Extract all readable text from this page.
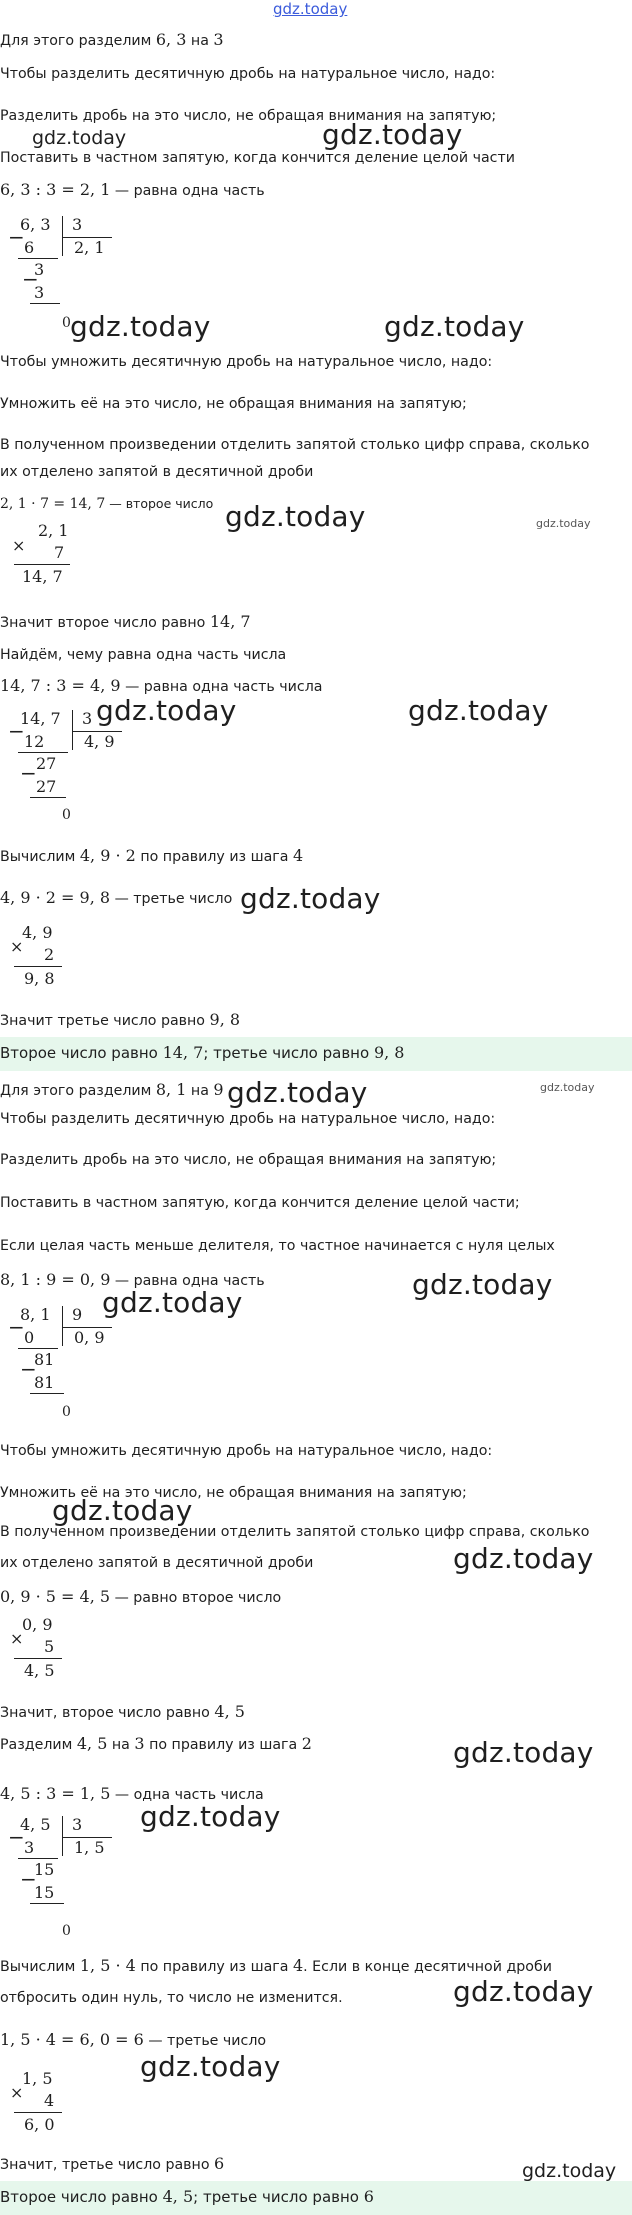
gdz.today
Для этого разделим 6, 3 на 3
Чтобы разделить десятичную дробь на натуральное число, надо:
Разделить дробь на это число, не обращая внимания на запятую;
Поставить в частном запятую, когда кончится деление целой части
6, 3 : 3 = 2, 1 — равна одна часть
−
6, 3 3
6 2, 1
−
3
3
0
Чтобы умножить десятичную дробь на натуральное число, надо:
Умножить её на это число, не обращая внимания на запятую;
В полученном произведении отделить запятой столько цифр справа, сколько
их отделено запятой в десятичной дроби
2, 1 · 7 = 14, 7 — второе число
×
2, 1
7
14, 7
Значит второе число равно 14, 7
Найдём, чему равна одна часть числа
14, 7 : 3 = 4, 9 — равна одна часть числа
−
14, 7 3
12 4, 9
− 27
27
0
Вычислим 4, 9 · 2 по правилу из шага 4
4, 9 · 2 = 9, 8 — третье число
×
4, 9
2
9, 8
Значит третье число равно 9, 8
Второе число равно 14, 7; третье число равно 9, 8
Для этого разделим 8, 1 на 9
Чтобы разделить десятичную дробь на натуральное число, надо:
Разделить дробь на это число, не обращая внимания на запятую;
Поставить в частном запятую, когда кончится деление целой части;
Если целая часть меньше делителя, то частное начинается с нуля целых
8, 1 : 9 = 0, 9 — равна одна часть
−
8, 1 9
0 0, 9
−
81
81
0
Чтобы умножить десятичную дробь на натуральное число, надо:
Умножить её на это число, не обращая внимания на запятую;
В полученном произведении отделить запятой столько цифр справа, сколько
их отделено запятой в десятичной дроби
0, 9 · 5 = 4, 5 — равно второе число
×
0, 9
5
4, 5
Значит, второе число равно 4, 5
Разделим 4, 5 на 3 по правилу из шага 2
4, 5 : 3 = 1, 5 — одна часть числа
−
4, 5 3
3 1, 5
−
15
15
0
Вычислим 1, 5 · 4 по правилу из шага 4. Если в конце десятичной дроби
отбросить один нуль, то число не изменится.
1, 5 · 4 = 6, 0 = 6 — третье число
×
1, 5
4
6, 0
Значит, третье число равно 6
Второе число равно 4, 5; третье число равно 6
gdz.today	gdz.today
gdz.today	gdz.today
gdz.today	gdz.today
gdz.today	gdz.today
gdz.today
gdz.today	gdz.today
gdz.today
gdz.today
gdz.today
gdz.today
gdz.today
gdz.today
gdz.today
gdz.today
gdz.today
